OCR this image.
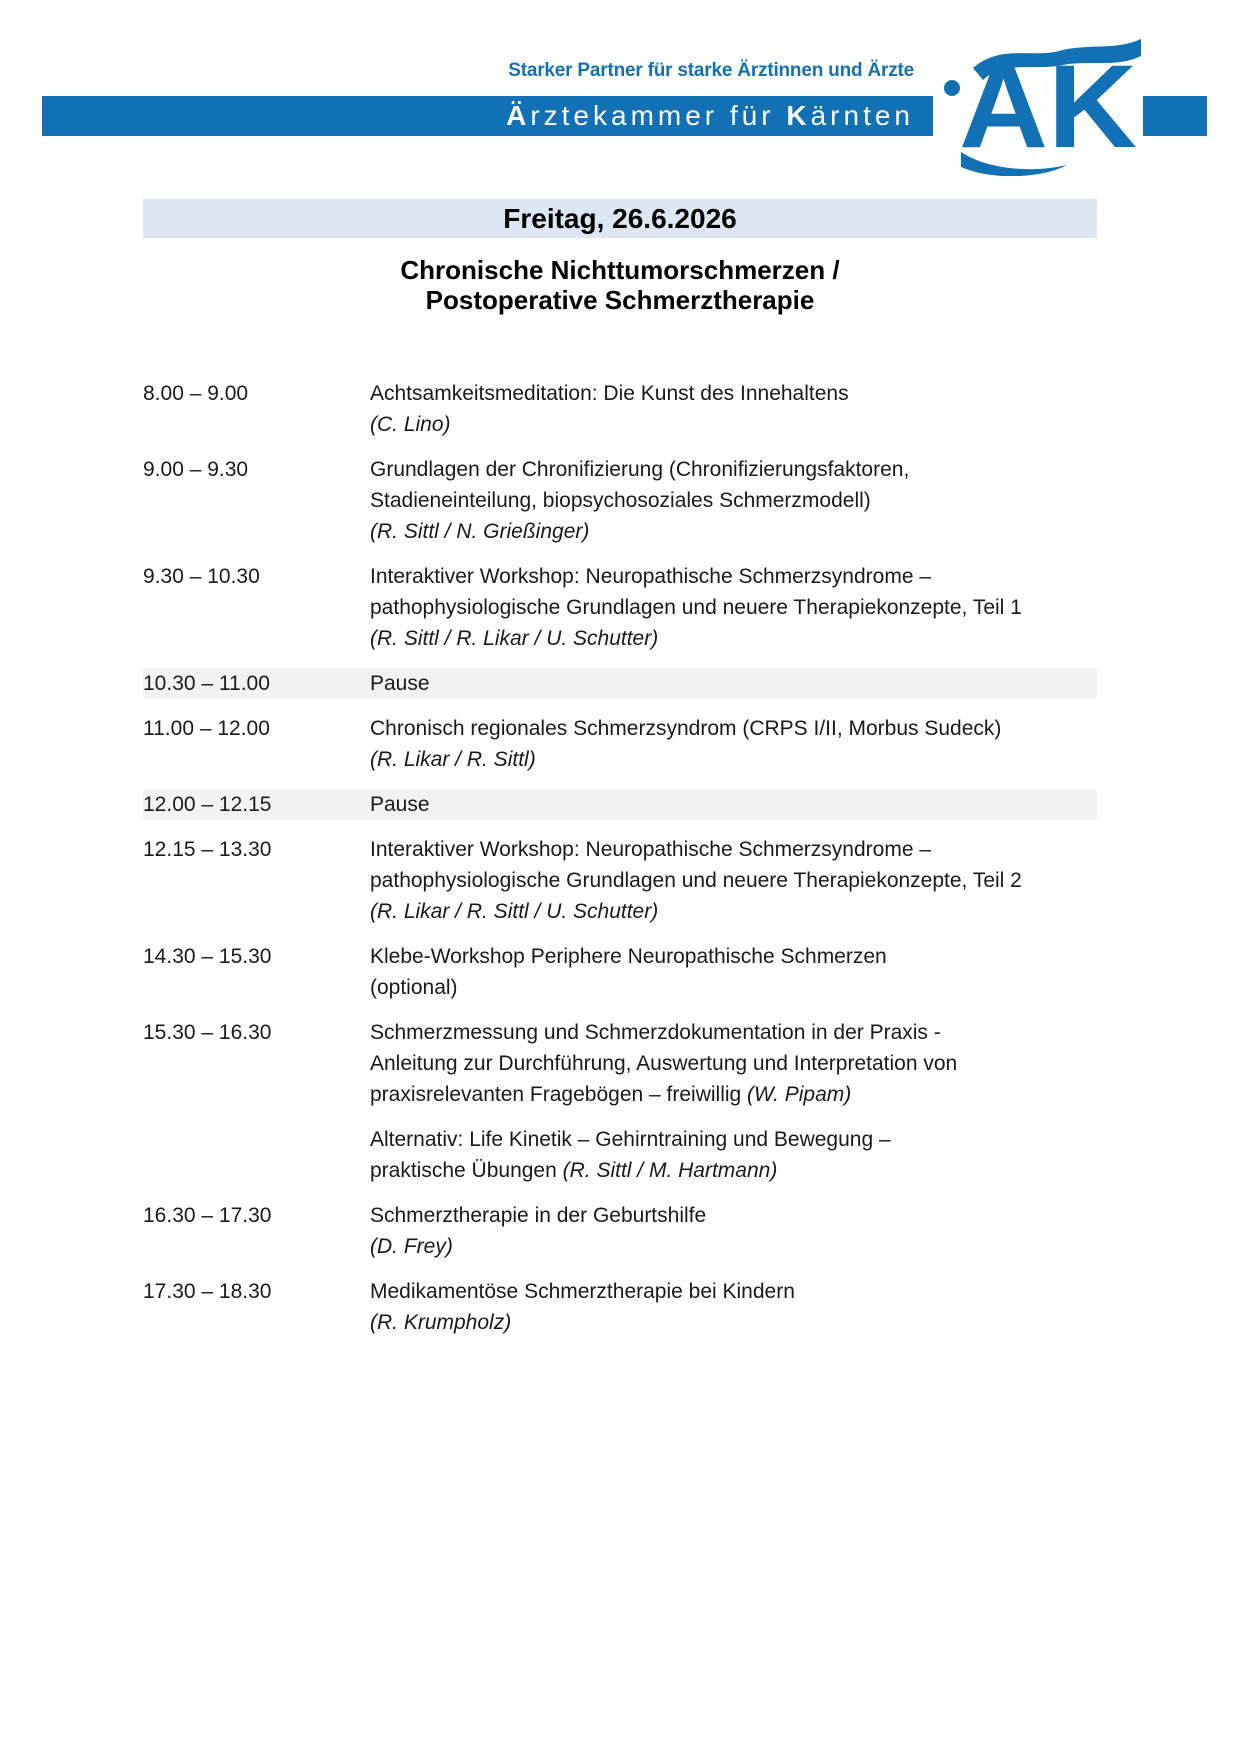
Starker Partner für starke Ärztinnen und Ärzte
Ärztekammer für Kärnten AK
Freitag, 26.6.2026
Chronische Nichttumorschmerzen /
Postoperative Schmerztherapie
8.00 – 9.00	Achtsamkeitsmeditation: Die Kunst des Innehaltens
(C. Lino)
9.00 – 9.30	Grundlagen der Chronifizierung (Chronifizierungsfaktoren,
Stadieneinteilung, biopsychosoziales Schmerzmodell)
(R. Sittl / N. Grießinger)
9.30 – 10.30	Interaktiver Workshop: Neuropathische Schmerzsyndrome –
pathophysiologische Grundlagen und neuere Therapiekonzepte, Teil 1
(R. Sittl / R. Likar / U. Schutter)
10.30 – 11.00	Pause
11.00 – 12.00	Chronisch regionales Schmerzsyndrom (CRPS I/II, Morbus Sudeck)
(R. Likar / R. Sittl)
12.00 – 12.15	Pause
12.15 – 13.30	Interaktiver Workshop: Neuropathische Schmerzsyndrome –
pathophysiologische Grundlagen und neuere Therapiekonzepte, Teil 2
(R. Likar / R. Sittl / U. Schutter)
14.30 – 15.30	Klebe-Workshop Periphere Neuropathische Schmerzen
(optional)
15.30 – 16.30	Schmerzmessung und Schmerzdokumentation in der Praxis -
Anleitung zur Durchführung, Auswertung und Interpretation von
praxisrelevanten Fragebögen – freiwillig (W. Pipam)
Alternativ: Life Kinetik – Gehirntraining und Bewegung –
praktische Übungen (R. Sittl / M. Hartmann)
16.30 – 17.30	Schmerztherapie in der Geburtshilfe
(D. Frey)
17.30 – 18.30	Medikamentöse Schmerztherapie bei Kindern
(R. Krumpholz)
